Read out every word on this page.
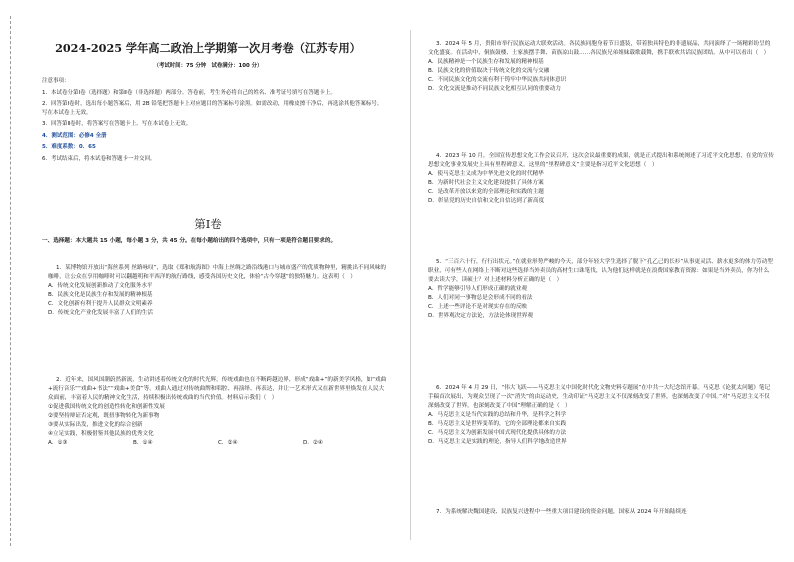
2024-2025 学年高二政治上学期第一次月考卷（江苏专用）
（考试时间：75 分钟　试卷满分：100 分）

注意事项：

1．本试卷分第Ⅰ卷（选择题）和第Ⅱ卷（非选择题）两部分。答卷前，考生务必将自己的姓名、准考证号填写在答题卡上。

2．回答第Ⅰ卷时，选出每小题答案后，用 2B 铅笔把答题卡上对应题目的答案标号涂黑。如需改动，用橡皮擦干净后，再选涂其他答案标号。写在本试卷上无效。

3．回答第Ⅱ卷时，将答案写在答题卡上。写在本试卷上无效。

4．测试范围：必修4 全册

5．难度系数：0．65

6．考试结束后，将本试卷和答题卡一并交回。

第Ⅰ卷
一、选择题：本大题共 15 小题，每小题 3 分，共 45 分。在每小题给出的四个选项中，只有一项是符合题目要求的。

1．某博物馆开放出“海丝系列 丝路咏叹”，选取《郑和航海图》中海上丝绸之路沿线港口与城市盛产的优质物种里，精挑出不同风味的咖啡，让公众在享用咖啡时可以翻越明和平西洋的航行路线，感受各国历史文化，体验“古今穿越”的独特魅力。这表明（　）

A．传统文化发展创新推动了文化服务水平

B．民族文化是民族生存和发展的精神根基

C．文化创新有利于提升人民群众文明素养

D．传统文化产业化发展丰富了人们的生活

2．近年来，国风国潮蔚然新流，生动讲述着传统文化的时代光辉，传统戏曲也在不断跨越边界，形成“戏曲+”的新美学风格，如“戏曲+流行音乐”“戏曲+书法”“戏曲+美食”等。戏曲人通过对传统曲牌和唱腔、再演绎、再表达，并让一艺术形式又在新世界里焕发在人民大众面前，丰富着人民的精神文化生活，持续积极出传统戏曲的当代价值。材料启示我们（　）

①促进我国传统文化的创造性转化和创新性发展

②要坚持辩证否定观，既扭事物转化为新事物

③要从实际出发，推进文化的综合创新

④立足实践，积极借鉴其他民族的优秀文化

A．①③	B．①④	C．②④	D．②④

3．2024 年 5 月，贵阳市举行民族运动大联欢活动。各民族同胞身着节日盛装，带着独具特色的非遗展品，共同演绎了一场精彩纷呈的文化盛宴。在活动中，侗族鼓楼、土家族摆手舞、苗族凉山鼓……各民族兄弟姐妹载歌载舞，携手联欢共话民族团结。从中可以看出（　）

A．民族精神是一个民族生存和发展的精神根基

B．民族文化的价值取决于传统文化的交流与交融

C．不同民族文化的交流有利于铸牢中华民族共同体意识

D．文化交流是推动不同民族文化相互认同的重要动力

4．2023 年 10 月，全国宣传思想文化工作会议召开，这次会议最重要的成果，就是正式提出和系统阐述了习近平文化思想，在党的宣传思想文化事业发展史上具有里程碑意义。这里的“里程碑意义”主要是指习近平文化思想（　）

A．使马克思主义成为中华先进文化的时代精华

B．为新时代社会主义文化建设提供了具体方案

C．是改革开放以来党的全部理论和实践的主题

D．彰显党的历史自信和文化自信达到了新高度

5．“三百六十行，行行出状元。”在就业形势严峻的今天，部分年轻大学生选择了脱下“孔乙己的长衫”从事更灵活、薪水更多的体力劳动型职业，可有些人在网络上不断对这些选择当外卖员的高材生口诛笔伐，认为他们这样就是在浪费国家教育资源：如果是当外卖员，你为什么要去读大学，读硕士？对上述材料分析正确的是（　）

A．哲学能够引导人们形成正确的就业观

B．人们对同一事物总是会形成不同的看法

C．上述一些评论不是对现实存在的反映

D．世界观决定方法论，方法论体现世界观

6．2024 年 4 月 29 日，“伟大飞跃——马克思主义中国化时代化文物史料专题展”在中共一大纪念馆开幕。马克思《论犹太问题》笔记手稿首次展出，为观众呈现了一次“消失”的由运动史，生动印证“马克思主义不仅深刻改变了世界，也深刻改变了中国。”对“马克思主义不仅深刻改变了世界，也深刻改变了中国”理解正确的是（　）

A．马克思主义是当代实践的总结和升华，是科学之科学

B．马克思主义是世界变革的，它的全部理论都来自实践

C．马克思主义为创新发展中国式现代化提供具体的方法

D．马克思主义是实践的理论，指导人们科学地改造世界

7．为系统解决魏国建设、民族复兴进程中一些重大项目建设的资金问题，国家从 2024 年开始陆续连
